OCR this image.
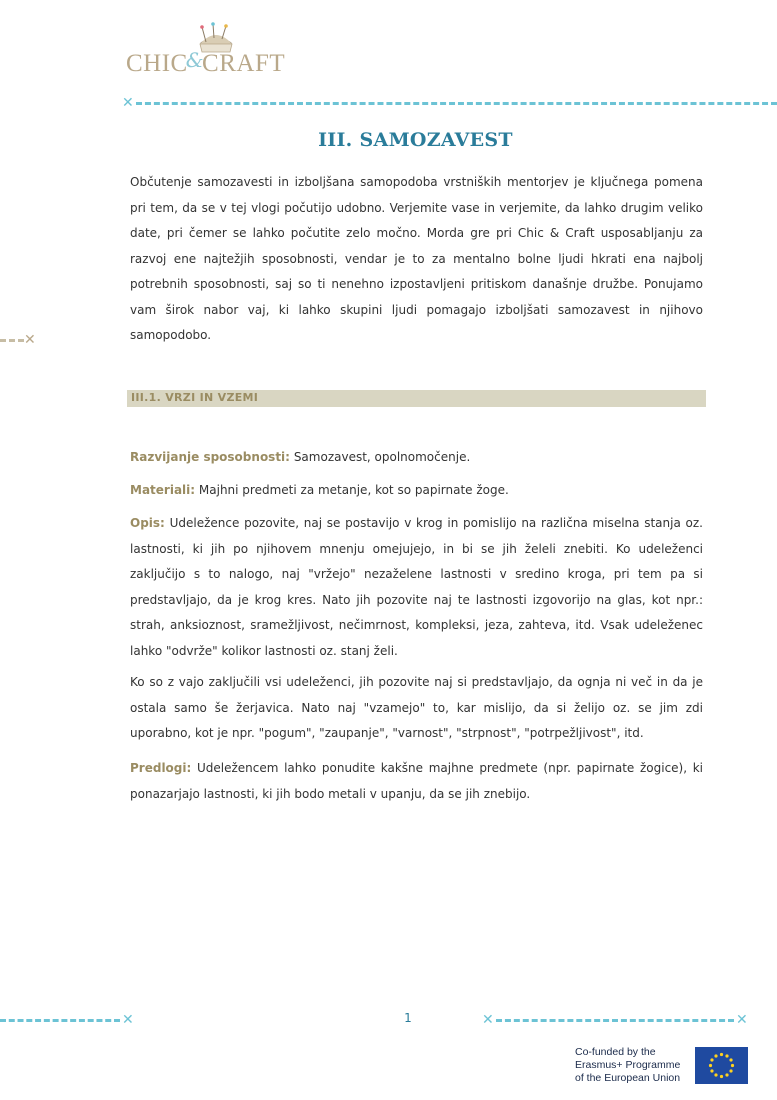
CHIC&CRAFT
✕
✕
III. SAMOZAVEST
Občutenje samozavesti in izboljšana samopodoba vrstniških mentorjev je ključnega pomena pri tem, da se v tej vlogi počutijo udobno. Verjemite vase in verjemite, da lahko drugim veliko date, pri čemer se lahko počutite zelo močno. Morda gre pri Chic & Craft usposabljanju za razvoj ene najtežjih sposobnosti, vendar je to za mentalno bolne ljudi hkrati ena najbolj potrebnih sposobnosti, saj so ti nenehno izpostavljeni pritiskom današnje družbe. Ponujamo vam širok nabor vaj, ki lahko skupini ljudi pomagajo izboljšati samozavest in njihovo samopodobo.
III.1. VRZI IN VZEMI
Razvijanje sposobnosti: Samozavest, opolnomočenje.
Materiali: Majhni predmeti za metanje, kot so papirnate žoge.
Opis: Udeležence pozovite, naj se postavijo v krog in pomislijo na različna miselna stanja oz. lastnosti, ki jih po njihovem mnenju omejujejo, in bi se jih želeli znebiti. Ko udeleženci zaključijo s to nalogo, naj "vržejo" nezaželene lastnosti v sredino kroga, pri tem pa si predstavljajo, da je krog kres. Nato jih pozovite naj te lastnosti izgovorijo na glas, kot npr.: strah, anksioznost, sramežljivost, nečimrnost, kompleksi, jeza, zahteva, itd. Vsak udeleženec lahko "odvrže" kolikor lastnosti oz. stanj želi.
Ko so z vajo zaključili vsi udeleženci, jih pozovite naj si predstavljajo, da ognja ni več in da je ostala samo še žerjavica. Nato naj "vzamejo" to, kar mislijo, da si želijo oz. se jim zdi uporabno, kot je npr. "pogum", "zaupanje", "varnost", "strpnost", "potrpežljivost", itd.
Predlogi: Udeležencem lahko ponudite kakšne majhne predmete (npr. papirnate žogice), ki ponazarjajo lastnosti, ki jih bodo metali v upanju, da se jih znebijo.
✕	✕	✕
1
Co-funded by the
Erasmus+ Programme
of the European Union
